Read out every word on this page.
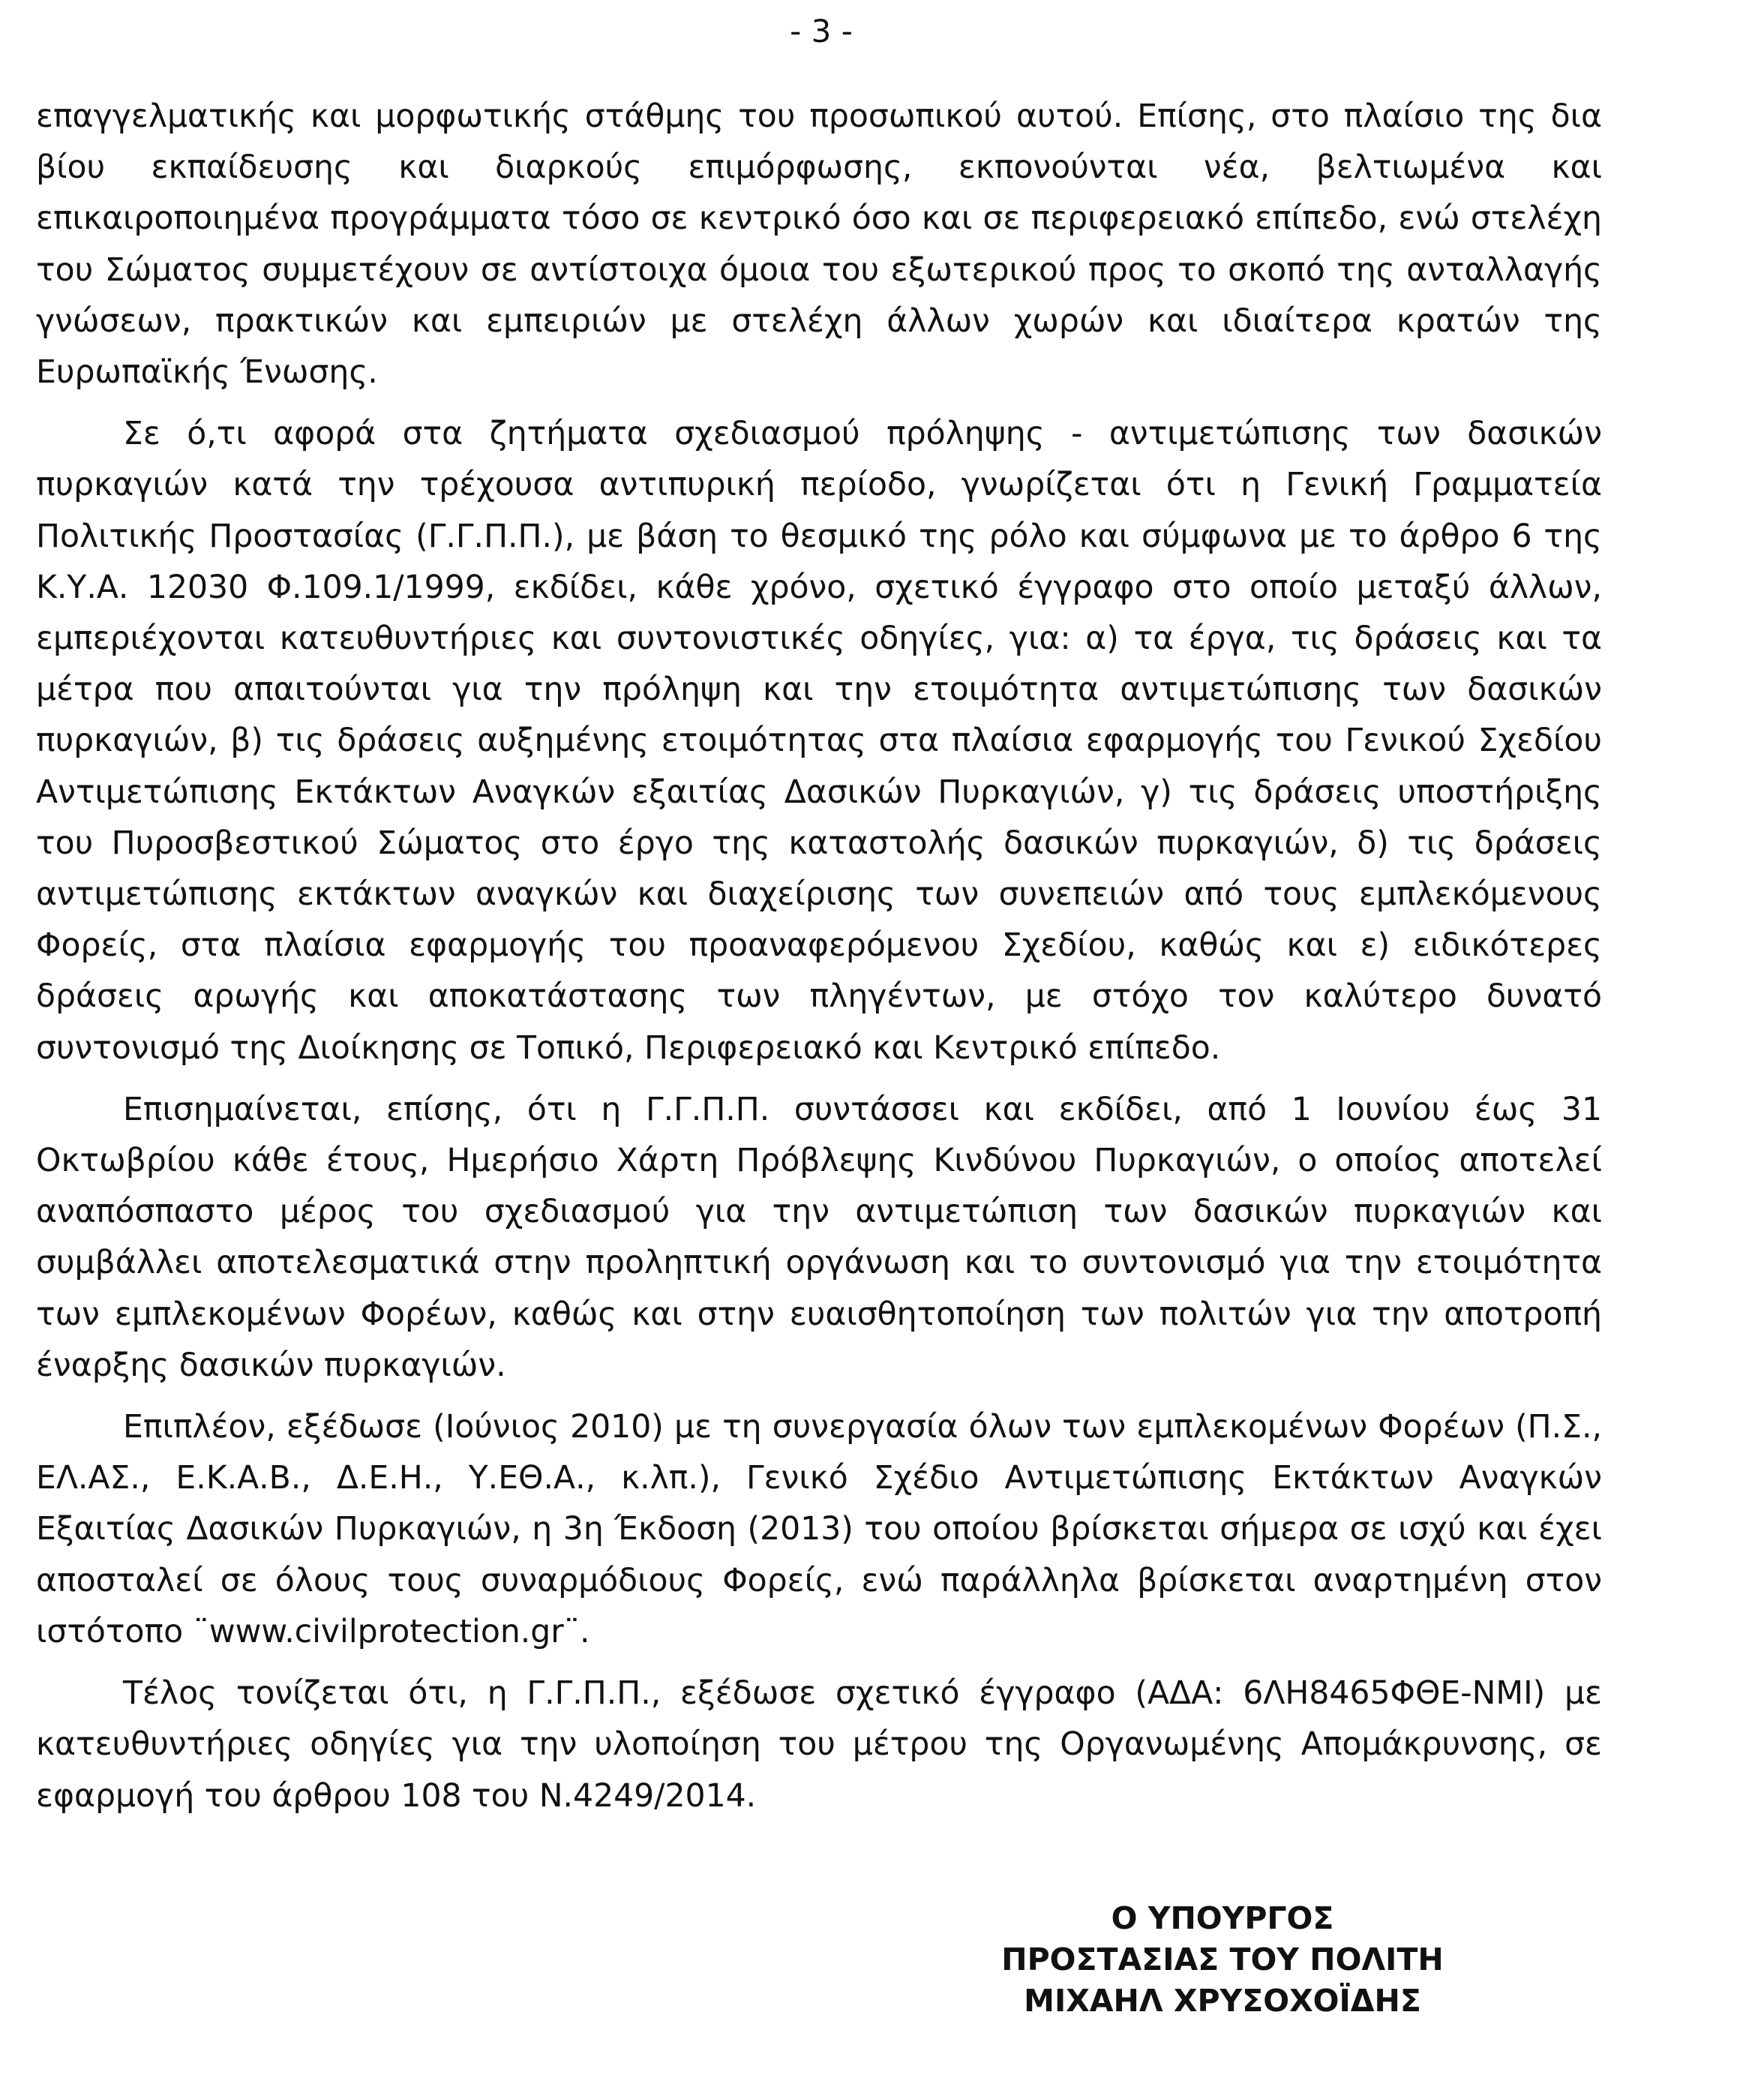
- 3 -

επαγγελματικής και μορφωτικής στάθμης του προσωπικού αυτού. Επίσης, στο πλαίσιο της δια βίου εκπαίδευσης και διαρκούς επιμόρφωσης, εκπονούνται νέα, βελτιωμένα και επικαιροποιημένα προγράμματα τόσο σε κεντρικό όσο και σε περιφερειακό επίπεδο, ενώ στελέχη του Σώματος συμμετέχουν σε αντίστοιχα όμοια του εξωτερικού προς το σκοπό της ανταλλαγής γνώσεων, πρακτικών και εμπειριών με στελέχη άλλων χωρών και ιδιαίτερα κρατών της Ευρωπαϊκής Ένωσης.

Σε ό,τι αφορά στα ζητήματα σχεδιασμού πρόληψης - αντιμετώπισης των δασικών πυρκαγιών κατά την τρέχουσα αντιπυρική περίοδο, γνωρίζεται ότι η Γενική Γραμματεία Πολιτικής Προστασίας (Γ.Γ.Π.Π.), με βάση το θεσμικό της ρόλο και σύμφωνα με το άρθρο 6 της Κ.Υ.Α. 12030 Φ.109.1/1999, εκδίδει, κάθε χρόνο, σχετικό έγγραφο στο οποίο μεταξύ άλλων, εμπεριέχονται κατευθυντήριες και συντονιστικές οδηγίες, για: α) τα έργα, τις δράσεις και τα μέτρα που απαιτούνται για την πρόληψη και την ετοιμότητα αντιμετώπισης των δασικών πυρκαγιών, β) τις δράσεις αυξημένης ετοιμότητας στα πλαίσια εφαρμογής του Γενικού Σχεδίου Αντιμετώπισης Εκτάκτων Αναγκών εξαιτίας Δασικών Πυρκαγιών, γ) τις δράσεις υποστήριξης του Πυροσβεστικού Σώματος στο έργο της καταστολής δασικών πυρκαγιών, δ) τις δράσεις αντιμετώπισης εκτάκτων αναγκών και διαχείρισης των συνεπειών από τους εμπλεκόμενους Φορείς, στα πλαίσια εφαρμογής του προαναφερόμενου Σχεδίου, καθώς και ε) ειδικότερες δράσεις αρωγής και αποκατάστασης των πληγέντων, με στόχο τον καλύτερο δυνατό συντονισμό της Διοίκησης σε Τοπικό, Περιφερειακό και Κεντρικό επίπεδο.

Επισημαίνεται, επίσης, ότι η Γ.Γ.Π.Π. συντάσσει και εκδίδει, από 1 Ιουνίου έως 31 Οκτωβρίου κάθε έτους, Ημερήσιο Χάρτη Πρόβλεψης Κινδύνου Πυρκαγιών, ο οποίος αποτελεί αναπόσπαστο μέρος του σχεδιασμού για την αντιμετώπιση των δασικών πυρκαγιών και συμβάλλει αποτελεσματικά στην προληπτική οργάνωση και το συντονισμό για την ετοιμότητα των εμπλεκομένων Φορέων, καθώς και στην ευαισθητοποίηση των πολιτών για την αποτροπή έναρξης δασικών πυρκαγιών.

Επιπλέον, εξέδωσε (Ιούνιος 2010) με τη συνεργασία όλων των εμπλεκομένων Φορέων (Π.Σ., ΕΛ.ΑΣ., Ε.Κ.Α.Β., Δ.Ε.Η., Υ.ΕΘ.Α., κ.λπ.), Γενικό Σχέδιο Αντιμετώπισης Εκτάκτων Αναγκών Εξαιτίας Δασικών Πυρκαγιών, η 3η Έκδοση (2013) του οποίου βρίσκεται σήμερα σε ισχύ και έχει αποσταλεί σε όλους τους συναρμόδιους Φορείς, ενώ παράλληλα βρίσκεται αναρτημένη στον ιστότοπο ¨www.civilprotection.gr¨.

Τέλος τονίζεται ότι, η Γ.Γ.Π.Π., εξέδωσε σχετικό έγγραφο (ΑΔΑ: 6ΛΗ8465ΦΘΕ-ΝΜΙ) με κατευθυντήριες οδηγίες για την υλοποίηση του μέτρου της Οργανωμένης Απομάκρυνσης, σε εφαρμογή του άρθρου 108 του Ν.4249/2014.

Ο ΥΠΟΥΡΓΟΣ
ΠΡΟΣΤΑΣΙΑΣ ΤΟΥ ΠΟΛΙΤΗ
ΜΙΧΑΗΛ ΧΡΥΣΟΧΟΪΔΗΣ
